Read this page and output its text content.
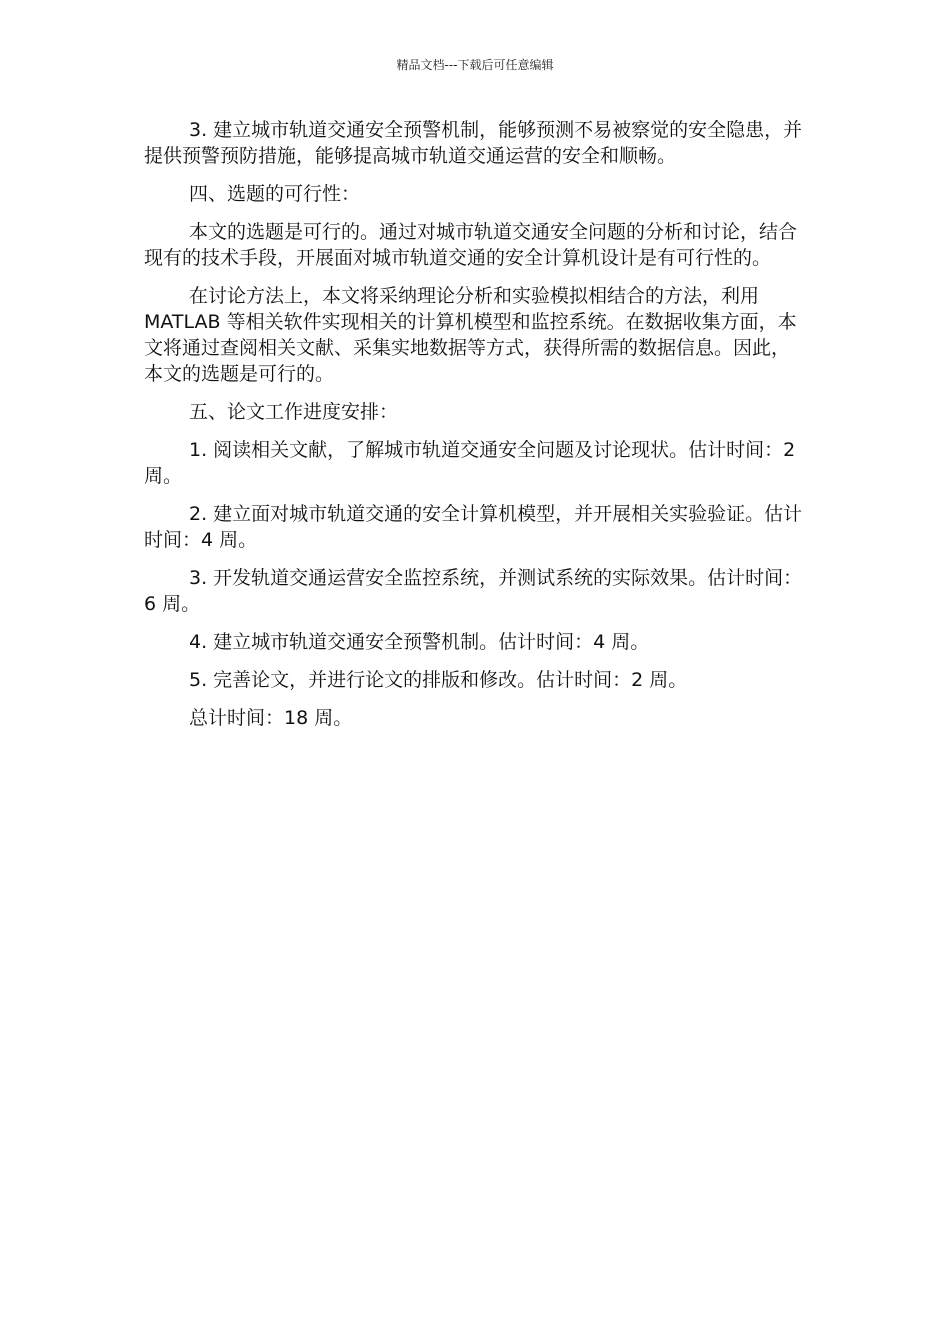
精品文档---下载后可任意编辑

3. 建立城市轨道交通安全预警机制，能够预测不易被察觉的安全隐患，并提供预警预防措施，能够提高城市轨道交通运营的安全和顺畅。

四、选题的可行性：

本文的选题是可行的。通过对城市轨道交通安全问题的分析和讨论，结合现有的技术手段，开展面对城市轨道交通的安全计算机设计是有可行性的。

在讨论方法上，本文将采纳理论分析和实验模拟相结合的方法，利用 MATLAB 等相关软件实现相关的计算机模型和监控系统。在数据收集方面，本文将通过查阅相关文献、采集实地数据等方式，获得所需的数据信息。因此，本文的选题是可行的。

五、论文工作进度安排：

1. 阅读相关文献，了解城市轨道交通安全问题及讨论现状。估计时间：2 周。

2. 建立面对城市轨道交通的安全计算机模型，并开展相关实验验证。估计时间：4 周。

3. 开发轨道交通运营安全监控系统，并测试系统的实际效果。估计时间：6 周。

4. 建立城市轨道交通安全预警机制。估计时间：4 周。

5. 完善论文，并进行论文的排版和修改。估计时间：2 周。

总计时间：18 周。
